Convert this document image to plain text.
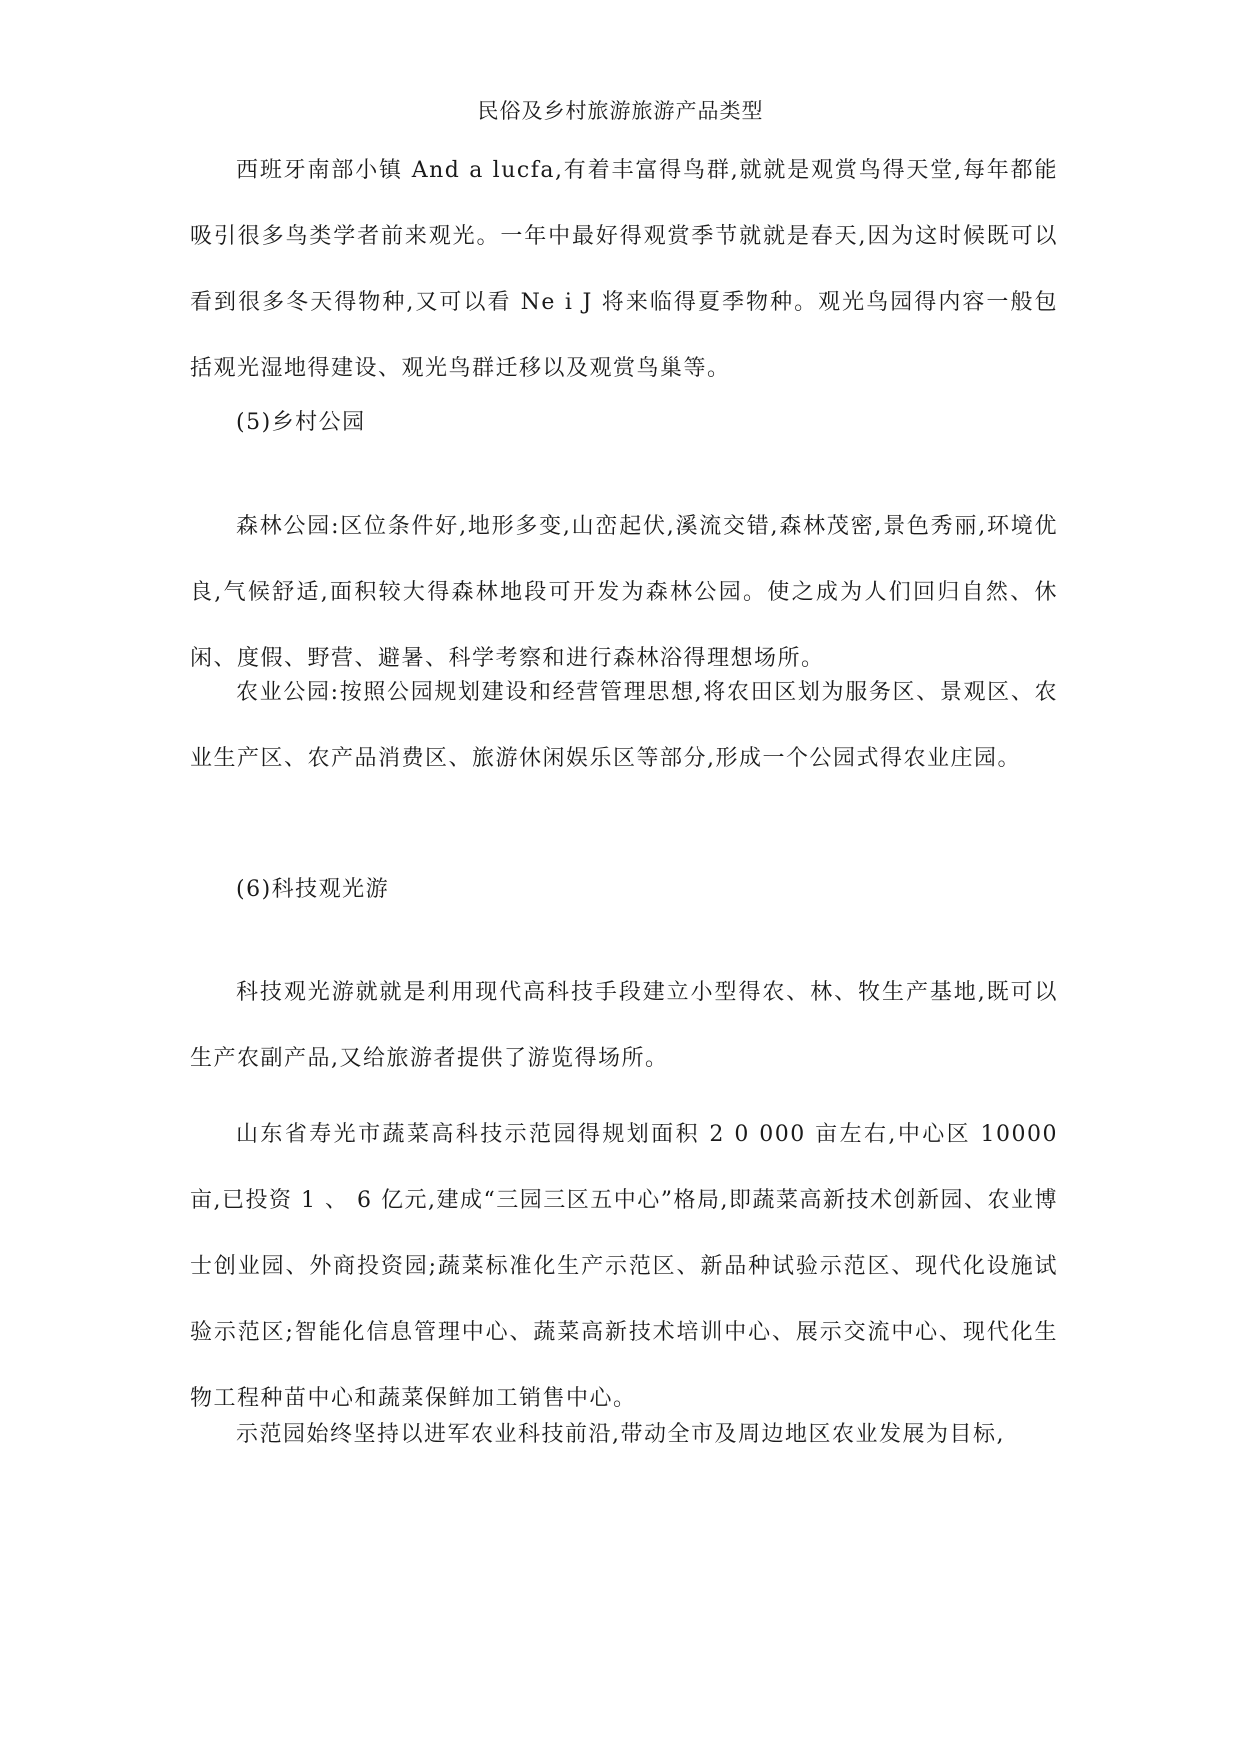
民俗及乡村旅游旅游产品类型

西班牙南部小镇 And a lucfa,有着丰富得鸟群,就就是观赏鸟得天堂,每年都能吸引很多鸟类学者前来观光。一年中最好得观赏季节就就是春天,因为这时候既可以看到很多冬天得物种,又可以看 Ne i J 将来临得夏季物种。观光鸟园得内容一般包括观光湿地得建设、观光鸟群迁移以及观赏鸟巢等。

(5)乡村公园

森林公园:区位条件好,地形多变,山峦起伏,溪流交错,森林茂密,景色秀丽,环境优良,气候舒适,面积较大得森林地段可开发为森林公园。使之成为人们回归自然、休闲、度假、野营、避暑、科学考察和进行森林浴得理想场所。

农业公园:按照公园规划建设和经营管理思想,将农田区划为服务区、景观区、农业生产区、农产品消费区、旅游休闲娱乐区等部分,形成一个公园式得农业庄园。

(6)科技观光游

科技观光游就就是利用现代高科技手段建立小型得农、林、牧生产基地,既可以生产农副产品,又给旅游者提供了游览得场所。

山东省寿光市蔬菜高科技示范园得规划面积 2 0 000 亩左右,中心区 10000 亩,已投资 1 、 6 亿元,建成“三园三区五中心”格局,即蔬菜高新技术创新园、农业博士创业园、外商投资园;蔬菜标准化生产示范区、新品种试验示范区、现代化设施试验示范区;智能化信息管理中心、蔬菜高新技术培训中心、展示交流中心、现代化生物工程种苗中心和蔬菜保鲜加工销售中心。

示范园始终坚持以进军农业科技前沿,带动全市及周边地区农业发展为目标,
